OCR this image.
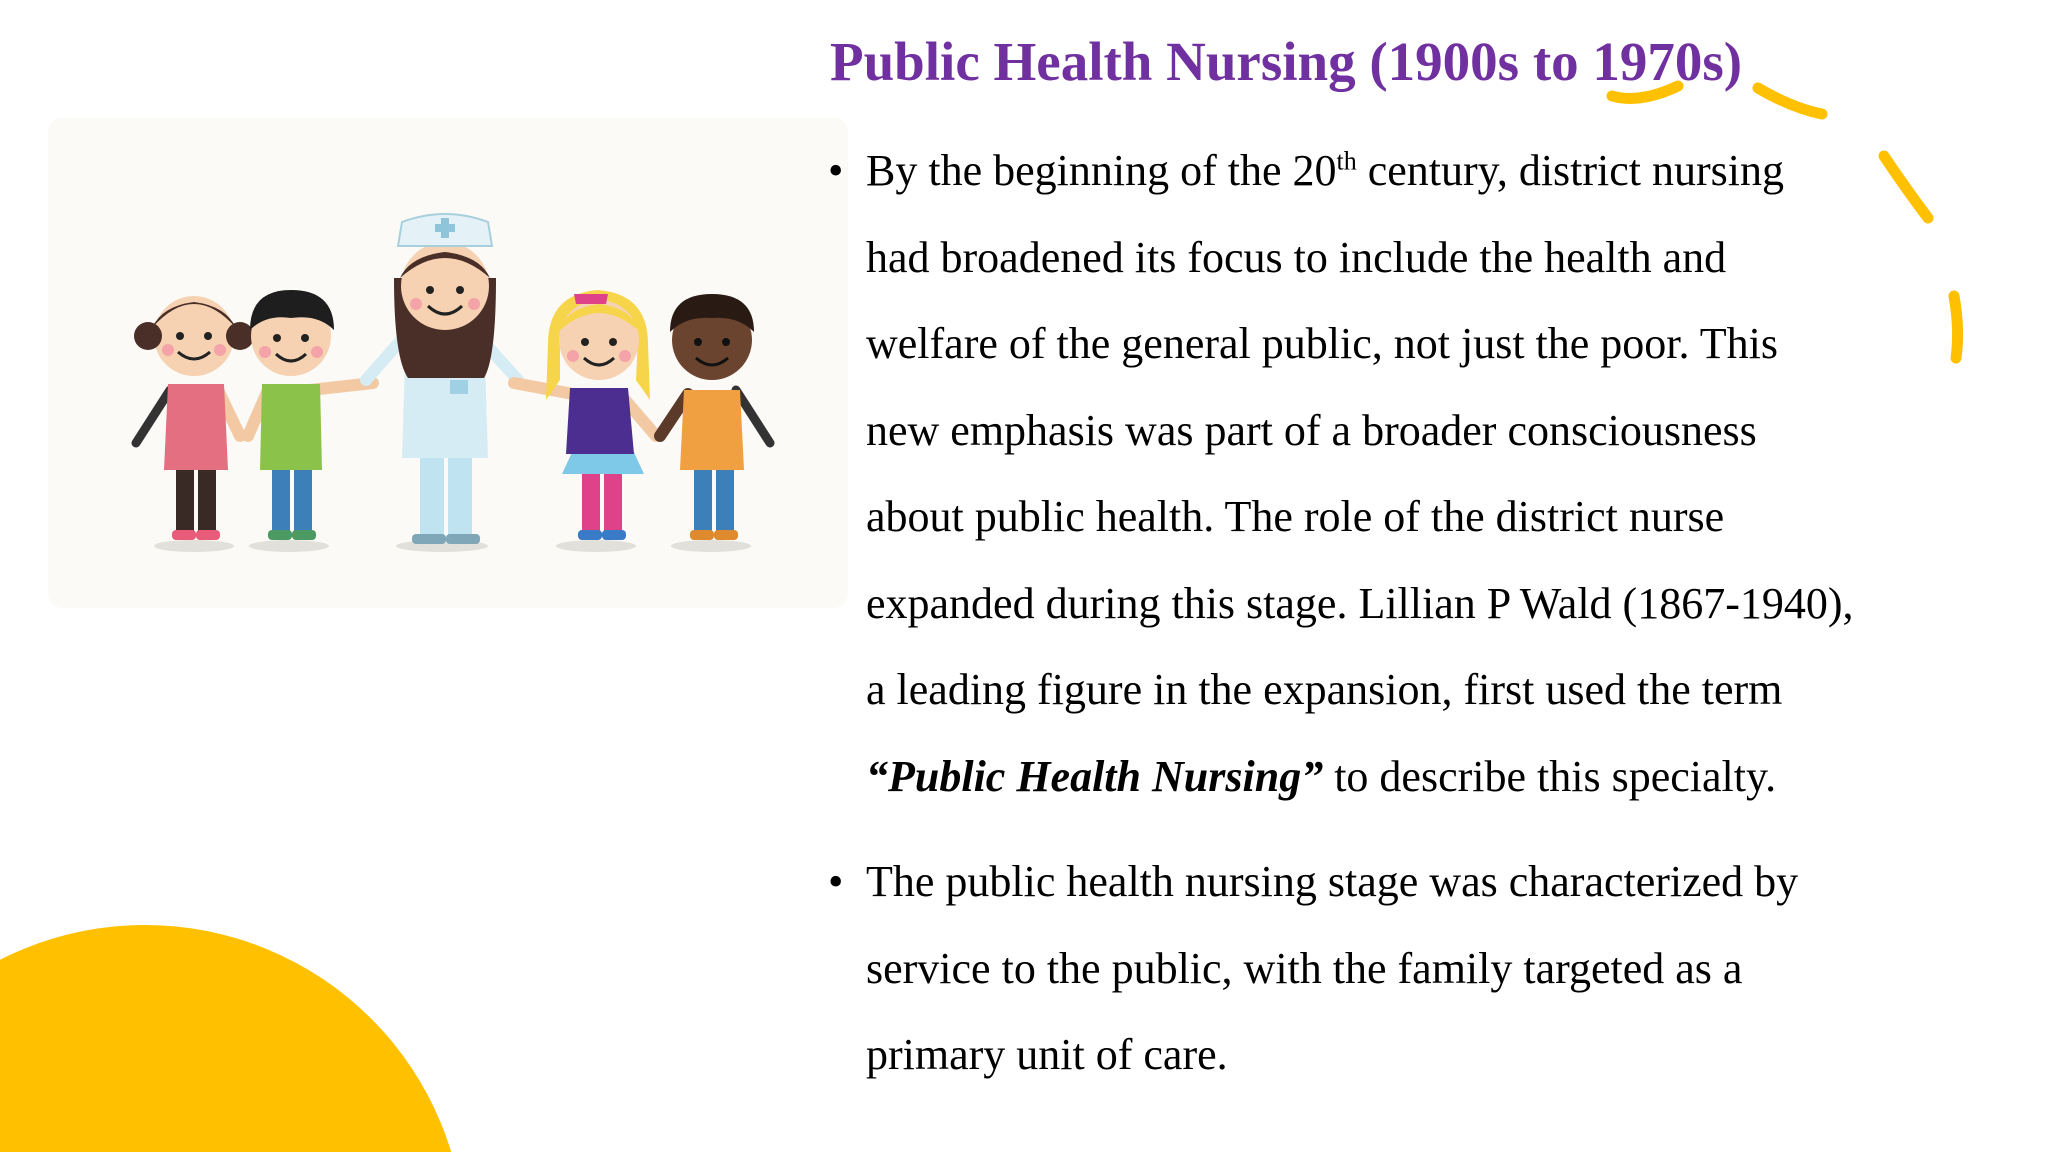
Public Health Nursing (1900s to 1970s)
• By the beginning of the 20th century, district nursing
had broadened its focus to include the health and
welfare of the general public, not just the poor. This
new emphasis was part of a broader consciousness
about public health. The role of the district nurse
expanded during this stage. Lillian P Wald (1867-1940),
a leading figure in the expansion, first used the term
“Public Health Nursing” to describe this specialty.
• The public health nursing stage was characterized by
service to the public, with the family targeted as a
primary unit of care.
